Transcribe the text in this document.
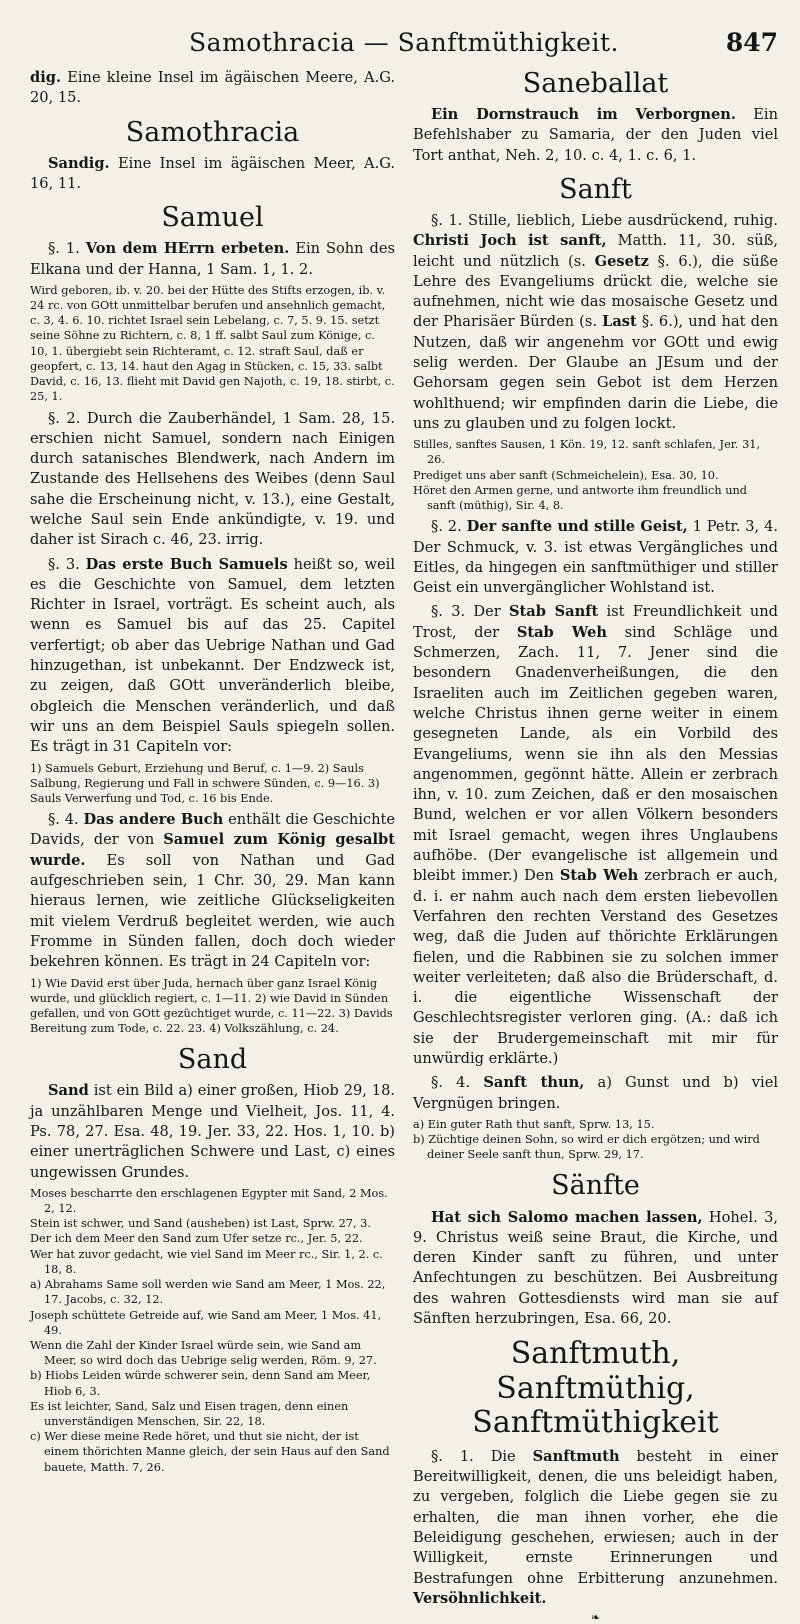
Samothracia — Sanftmüthigkeit.	847

dig. Eine kleine Insel im ägäischen Meere, A.G. 20, 15.

Samothracia

Sandig. Eine Insel im ägäischen Meer, A.G. 16, 11.

Samuel

§. 1. Von dem HErrn erbeten. Ein Sohn des Elkana und der Hanna, 1 Sam. 1, 1. 2.

Wird geboren, ib. v. 20. bei der Hütte des Stifts erzogen, ib. v. 24 rc. von GOtt unmittelbar berufen und ansehnlich gemacht, c. 3, 4. 6. 10. richtet Israel sein Lebelang, c. 7, 5. 9. 15. setzt seine Söhne zu Richtern, c. 8, 1 ff. salbt Saul zum Könige, c. 10, 1. übergiebt sein Richteramt, c. 12. straft Saul, daß er geopfert, c. 13, 14. haut den Agag in Stücken, c. 15, 33. salbt David, c. 16, 13. flieht mit David gen Najoth, c. 19, 18. stirbt, c. 25, 1.

§. 2. Durch die Zauberhändel, 1 Sam. 28, 15. erschien nicht Samuel, sondern nach Einigen durch satanisches Blendwerk, nach Andern im Zustande des Hellsehens des Weibes (denn Saul sahe die Erscheinung nicht, v. 13.), eine Gestalt, welche Saul sein Ende ankündigte, v. 19. und daher ist Sirach c. 46, 23. irrig.

§. 3. Das erste Buch Samuels heißt so, weil es die Geschichte von Samuel, dem letzten Richter in Israel, vorträgt. Es scheint auch, als wenn es Samuel bis auf das 25. Capitel verfertigt; ob aber das Uebrige Nathan und Gad hinzugethan, ist unbekannt. Der Endzweck ist, zu zeigen, daß GOtt unveränderlich bleibe, obgleich die Menschen veränderlich, und daß wir uns an dem Beispiel Sauls spiegeln sollen. Es trägt in 31 Capiteln vor:

1) Samuels Geburt, Erziehung und Beruf, c. 1—9. 2) Sauls Salbung, Regierung und Fall in schwere Sünden, c. 9—16. 3) Sauls Verwerfung und Tod, c. 16 bis Ende.

§. 4. Das andere Buch enthält die Geschichte Davids, der von Samuel zum König gesalbt wurde. Es soll von Nathan und Gad aufgeschrieben sein, 1 Chr. 30, 29. Man kann hieraus lernen, wie zeitliche Glückseligkeiten mit vielem Verdruß begleitet werden, wie auch Fromme in Sünden fallen, doch doch wieder bekehren können. Es trägt in 24 Capiteln vor:

1) Wie David erst über Juda, hernach über ganz Israel König wurde, und glücklich regiert, c. 1—11. 2) wie David in Sünden gefallen, und von GOtt gezüchtiget wurde, c. 11—22. 3) Davids Bereitung zum Tode, c. 22. 23. 4) Volkszählung, c. 24.

Sand

Sand ist ein Bild a) einer großen, Hiob 29, 18. ja unzählbaren Menge und Vielheit, Jos. 11, 4. Ps. 78, 27. Esa. 48, 19. Jer. 33, 22. Hos. 1, 10. b) einer unerträglichen Schwere und Last, c) eines ungewissen Grundes.

Moses bescharrte den erschlagenen Egypter mit Sand, 2 Mos. 2, 12.

Stein ist schwer, und Sand (ausheben) ist Last, Sprw. 27, 3.

Der ich dem Meer den Sand zum Ufer setze rc., Jer. 5, 22.

Wer hat zuvor gedacht, wie viel Sand im Meer rc., Sir. 1, 2. c. 18, 8.

a) Abrahams Same soll werden wie Sand am Meer, 1 Mos. 22, 17. Jacobs, c. 32, 12.

Joseph schüttete Getreide auf, wie Sand am Meer, 1 Mos. 41, 49.

Wenn die Zahl der Kinder Israel würde sein, wie Sand am Meer, so wird doch das Uebrige selig werden, Röm. 9, 27.

b) Hiobs Leiden würde schwerer sein, denn Sand am Meer, Hiob 6, 3.

Es ist leichter, Sand, Salz und Eisen tragen, denn einen unverständigen Menschen, Sir. 22, 18.

c) Wer diese meine Rede höret, und thut sie nicht, der ist einem thörichten Manne gleich, der sein Haus auf den Sand bauete, Matth. 7, 26.

Saneballat

Ein Dornstrauch im Verborgnen. Ein Befehlshaber zu Samaria, der den Juden viel Tort anthat, Neh. 2, 10. c. 4, 1. c. 6, 1.

Sanft

§. 1. Stille, lieblich, Liebe ausdrückend, ruhig. Christi Joch ist sanft, Matth. 11, 30. süß, leicht und nützlich (s. Gesetz §. 6.), die süße Lehre des Evangeliums drückt die, welche sie aufnehmen, nicht wie das mosaische Gesetz und der Pharisäer Bürden (s. Last §. 6.), und hat den Nutzen, daß wir angenehm vor GOtt und ewig selig werden. Der Glaube an JEsum und der Gehorsam gegen sein Gebot ist dem Herzen wohlthuend; wir empfinden darin die Liebe, die uns zu glauben und zu folgen lockt.

Stilles, sanftes Sausen, 1 Kön. 19, 12. sanft schlafen, Jer. 31, 26.

Prediget uns aber sanft (Schmeichelein), Esa. 30, 10.

Höret den Armen gerne, und antworte ihm freundlich und sanft (müthig), Sir. 4, 8.

§. 2. Der sanfte und stille Geist, 1 Petr. 3, 4. Der Schmuck, v. 3. ist etwas Vergängliches und Eitles, da hingegen ein sanftmüthiger und stiller Geist ein unvergänglicher Wohlstand ist.

§. 3. Der Stab Sanft ist Freundlichkeit und Trost, der Stab Weh sind Schläge und Schmerzen, Zach. 11, 7. Jener sind die besondern Gnadenverheißungen, die den Israeliten auch im Zeitlichen gegeben waren, welche Christus ihnen gerne weiter in einem gesegneten Lande, als ein Vorbild des Evangeliums, wenn sie ihn als den Messias angenommen, gegönnt hätte. Allein er zerbrach ihn, v. 10. zum Zeichen, daß er den mosaischen Bund, welchen er vor allen Völkern besonders mit Israel gemacht, wegen ihres Unglaubens aufhöbe. (Der evangelische ist allgemein und bleibt immer.) Den Stab Weh zerbrach er auch, d. i. er nahm auch nach dem ersten liebevollen Verfahren den rechten Verstand des Gesetzes weg, daß die Juden auf thörichte Erklärungen fielen, und die Rabbinen sie zu solchen immer weiter verleiteten; daß also die Brüderschaft, d. i. die eigentliche Wissenschaft der Geschlechtsregister verloren ging. (A.: daß ich sie der Brudergemeinschaft mit mir für unwürdig erklärte.)

§. 4. Sanft thun, a) Gunst und b) viel Vergnügen bringen.

a) Ein guter Rath thut sanft, Sprw. 13, 15.

b) Züchtige deinen Sohn, so wird er dich ergötzen; und wird deiner Seele sanft thun, Sprw. 29, 17.

Sänfte

Hat sich Salomo machen lassen, Hohel. 3, 9. Christus weiß seine Braut, die Kirche, und deren Kinder sanft zu führen, und unter Anfechtungen zu beschützen. Bei Ausbreitung des wahren Gottesdiensts wird man sie auf Sänften herzubringen, Esa. 66, 20.

Sanftmuth, Sanftmüthig,
Sanftmüthigkeit

§. 1. Die Sanftmuth besteht in einer Bereitwilligkeit, denen, die uns beleidigt haben, zu vergeben, folglich die Liebe gegen sie zu erhalten, die man ihnen vorher, ehe die Beleidigung geschehen, erwiesen; auch in der Willigkeit, ernste Erinnerungen und Bestrafungen ohne Erbitterung anzunehmen. Versöhnlichkeit.

❧
